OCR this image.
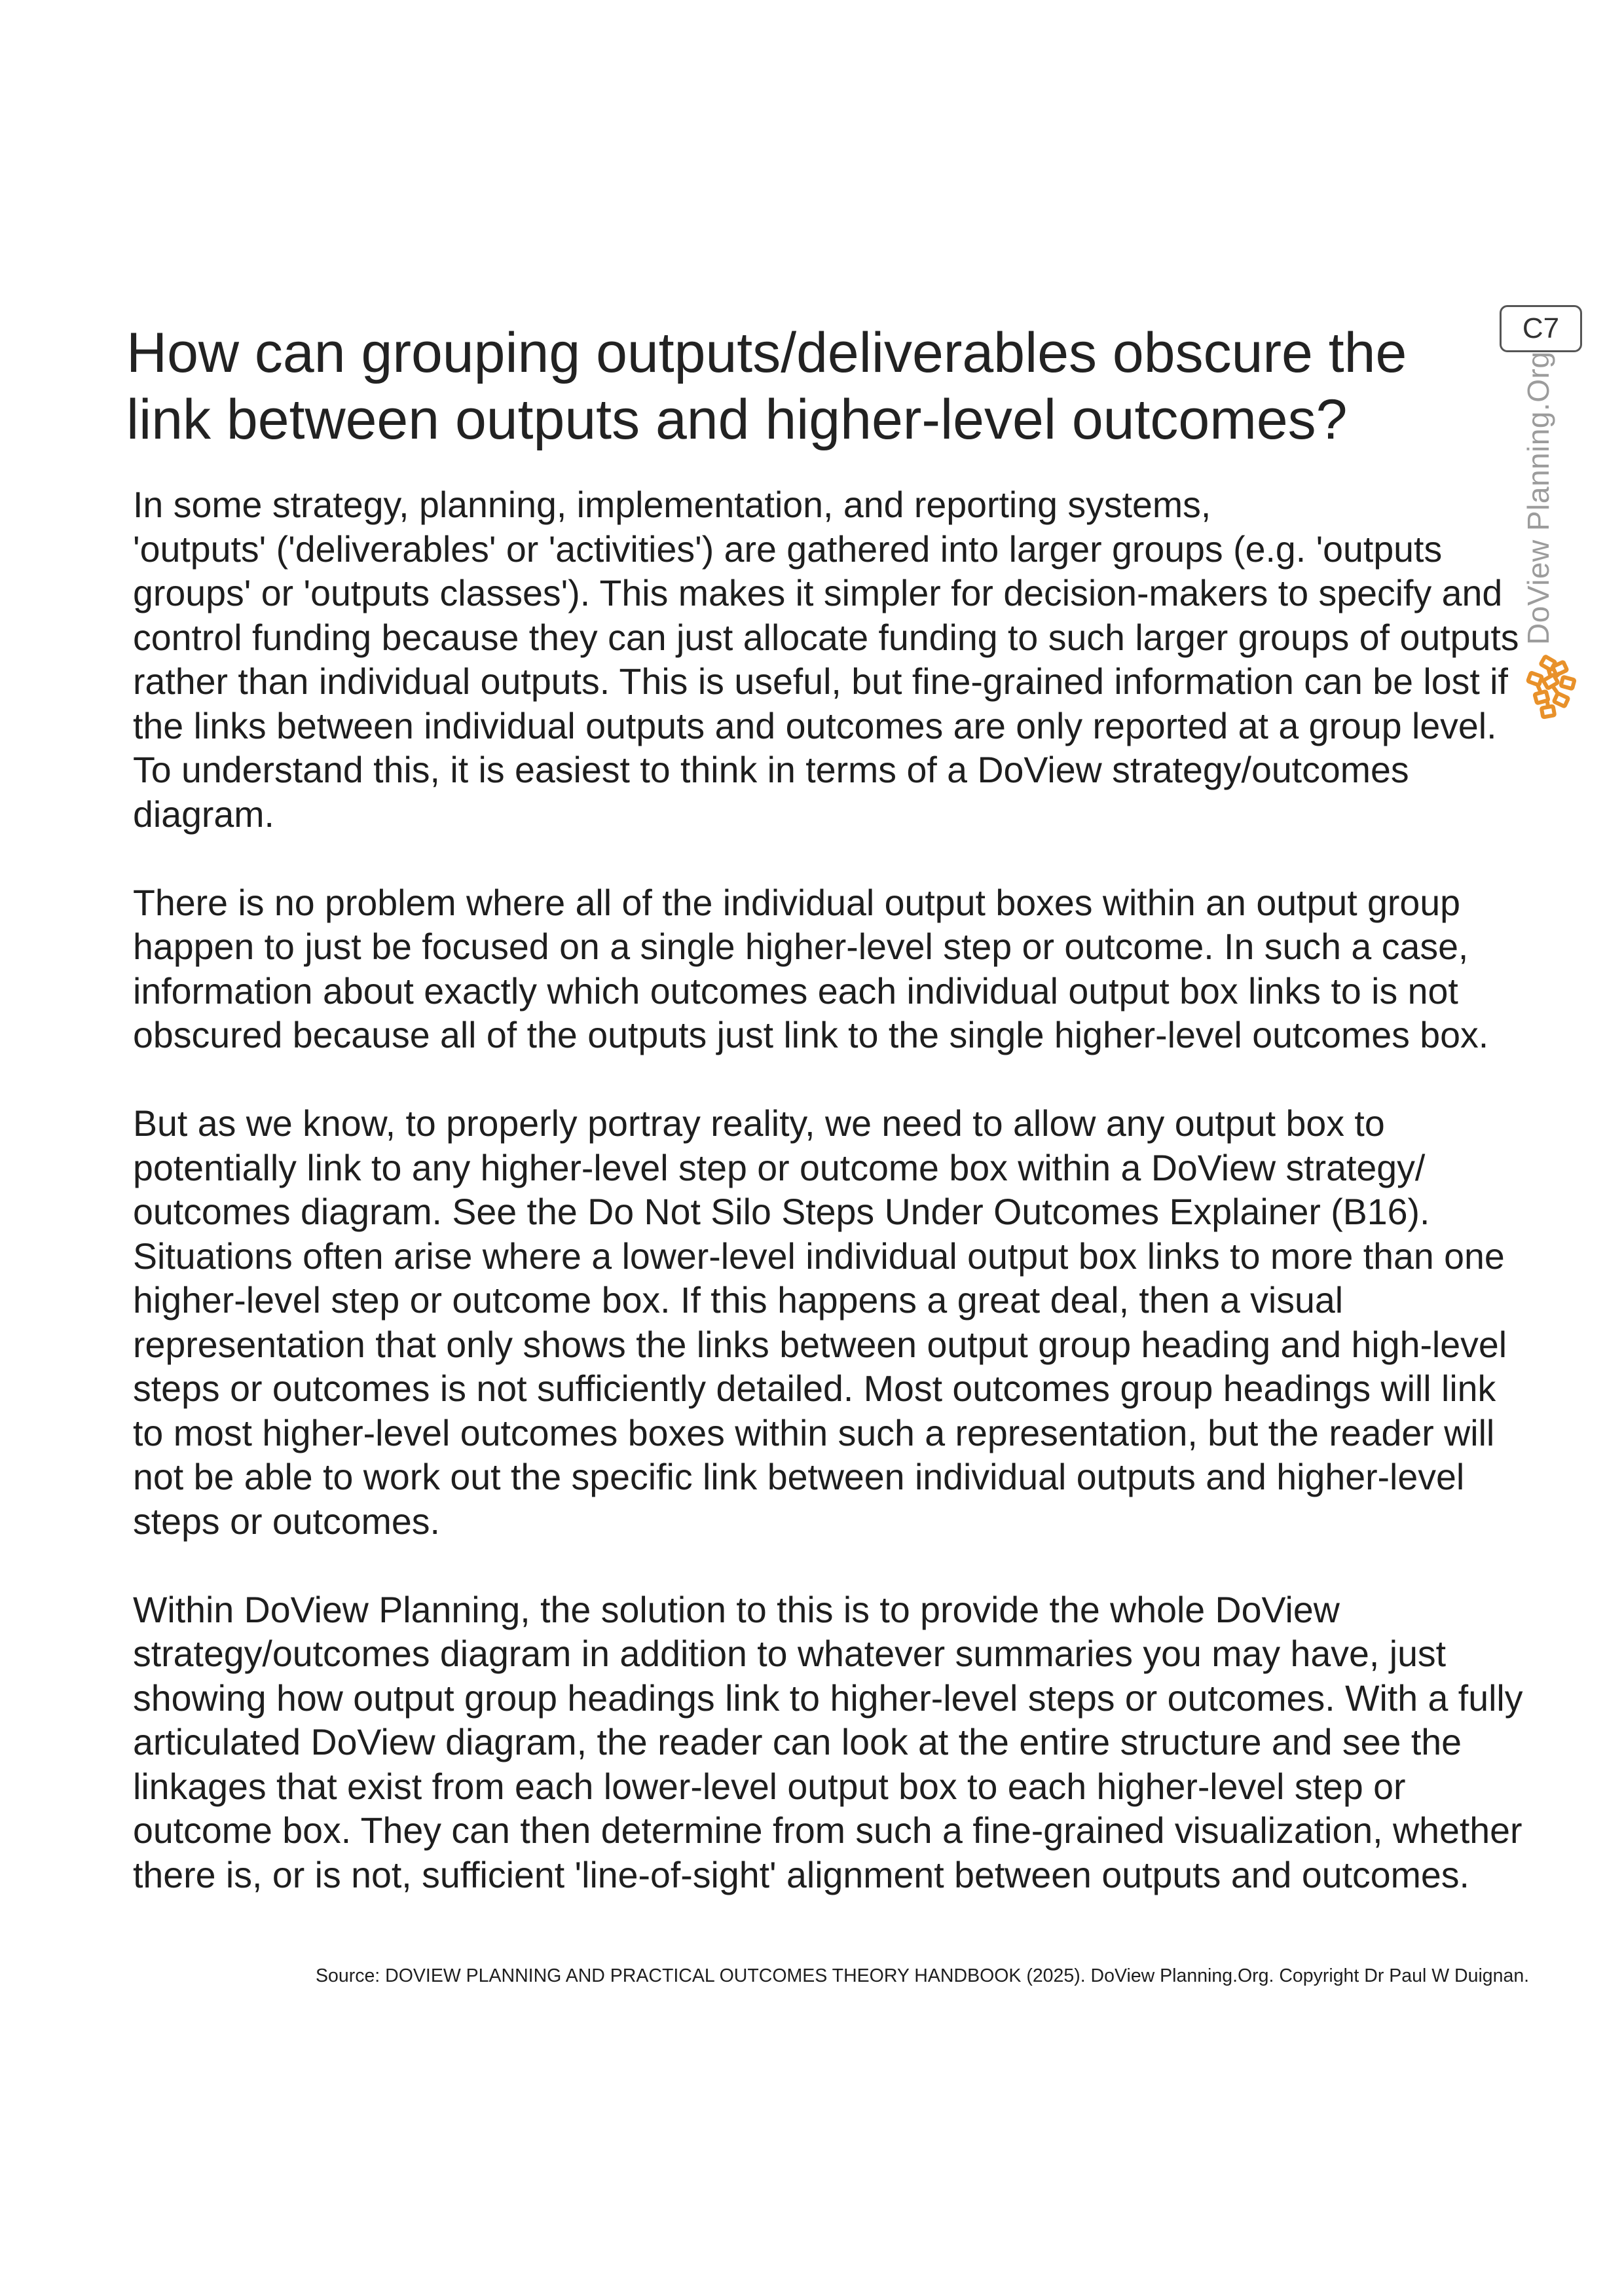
How can grouping outputs/deliverables obscure the link between outputs and higher-level outcomes?

In some strategy, planning, implementation, and reporting systems,
'outputs' ('deliverables' or 'activities') are gathered into larger groups (e.g. 'outputs groups' or 'outputs classes'). This makes it simpler for decision-makers to specify and control funding because they can just allocate funding to such larger groups of outputs rather than individual outputs. This is useful, but fine-grained information can be lost if the links between individual outputs and outcomes are only reported at a group level. To understand this, it is easiest to think in terms of a DoView strategy/outcomes diagram.

There is no problem where all of the individual output boxes within an output group happen to just be focused on a single higher-level step or outcome. In such a case, information about exactly which outcomes each individual output box links to is not obscured because all of the outputs just link to the single higher-level outcomes box.

But as we know, to properly portray reality, we need to allow any output box to potentially link to any higher-level step or outcome box within a DoView strategy/
outcomes diagram. See the Do Not Silo Steps Under Outcomes Explainer (B16). Situations often arise where a lower-level individual output box links to more than one higher-level step or outcome box. If this happens a great deal, then a visual representation that only shows the links between output group heading and high-level steps or outcomes is not sufficiently detailed. Most outcomes group headings will link to most higher-level outcomes boxes within such a representation, but the reader will not be able to work out the specific link between individual outputs and higher-level steps or outcomes.

Within DoView Planning, the solution to this is to provide the whole DoView strategy/outcomes diagram in addition to whatever summaries you may have, just showing how output group headings link to higher-level steps or outcomes. With a fully articulated DoView diagram, the reader can look at the entire structure and see the linkages that exist from each lower-level output box to each higher-level step or outcome box. They can then determine from such a fine-grained visualization, whether there is, or is not, sufficient 'line-of-sight' alignment between outputs and outcomes.

C7
DoView Planning.Org
Source: DOVIEW PLANNING AND PRACTICAL OUTCOMES THEORY HANDBOOK (2025). DoView Planning.Org. Copyright Dr Paul W Duignan.
